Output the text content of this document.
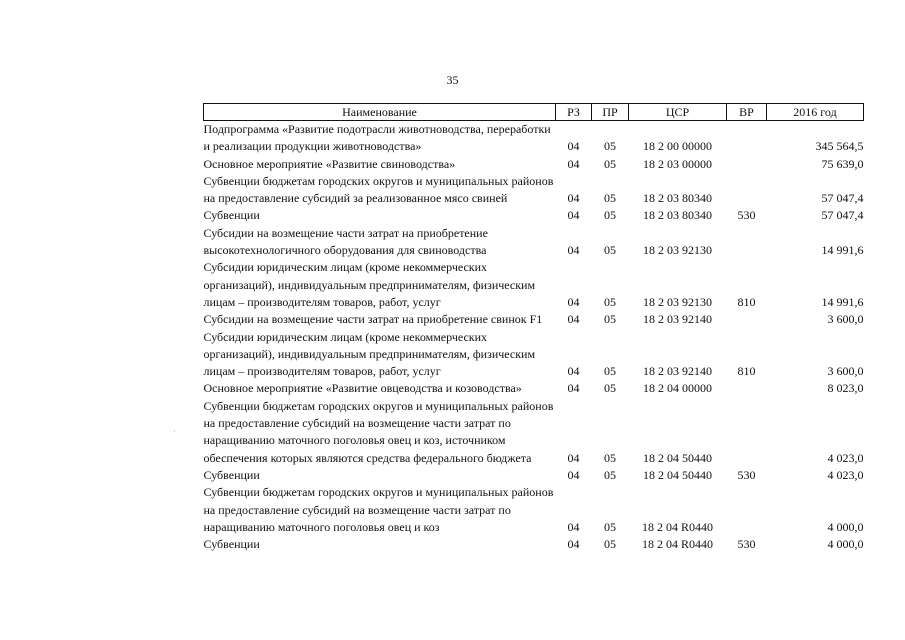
35
·
Наименование	РЗ	ПР	ЦСР	ВР	2016 год
Подпрограмма «Развитие подотрасли животноводства, переработки и реализации продукции животноводства»	04	05	18 2 00 00000		345 564,5
Основное мероприятие «Развитие свиноводства»	04	05	18 2 03 00000		75 639,0
Субвенции бюджетам городских округов и муниципальных районов на предоставление субсидий за реализованное мясо свиней	04	05	18 2 03 80340		57 047,4
Субвенции	04	05	18 2 03 80340	530	57 047,4
Субсидии на возмещение части затрат на приобретение высокотехнологичного оборудования для свиноводства	04	05	18 2 03 92130		14 991,6
Субсидии юридическим лицам (кроме некоммерческих организаций), индивидуальным предпринимателям, физическим лицам – производителям товаров, работ, услуг	04	05	18 2 03 92130	810	14 991,6
Субсидии на возмещение части затрат на приобретение свинок F1	04	05	18 2 03 92140		3 600,0
Субсидии юридическим лицам (кроме некоммерческих организаций), индивидуальным предпринимателям, физическим лицам – производителям товаров, работ, услуг	04	05	18 2 03 92140	810	3 600,0
Основное мероприятие «Развитие овцеводства и козоводства»	04	05	18 2 04 00000		8 023,0
Субвенции бюджетам городских округов и муниципальных районов на предоставление субсидий на возмещение части затрат по наращиванию маточного поголовья овец и коз, источником обеспечения которых являются средства федерального бюджета	04	05	18 2 04 50440		4 023,0
Субвенции	04	05	18 2 04 50440	530	4 023,0
Субвенции бюджетам городских округов и муниципальных районов на предоставление субсидий на возмещение части затрат по наращиванию маточного поголовья овец и коз	04	05	18 2 04 R0440		4 000,0
Субвенции	04	05	18 2 04 R0440	530	4 000,0
